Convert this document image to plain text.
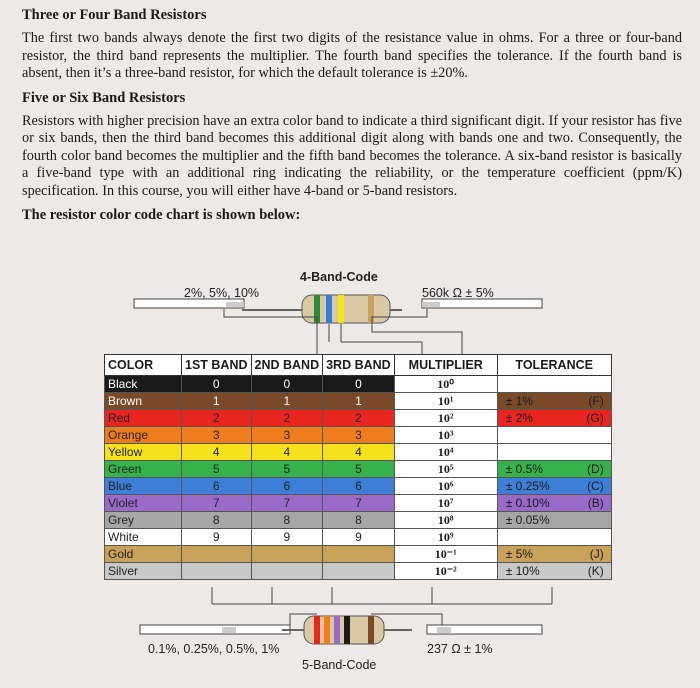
Three or Four Band Resistors

The first two bands always denote the first two digits of the resistance value in ohms. For a three or four-band resistor, the third band represents the multiplier. The fourth band specifies the tolerance. If the fourth band is absent, then it’s a three-band resistor, for which the default tolerance is ±20%.

Five or Six Band Resistors

Resistors with higher precision have an extra color band to indicate a third significant digit. If your resistor has five or six bands, then the third band becomes this additional digit along with bands one and two. Consequently, the fourth color band becomes the multiplier and the fifth band becomes the tolerance. A six-band resistor is basically a five-band type with an additional ring indicating the reliability, or the temperature coefficient (ppm/K) specification. In this course, you will either have 4-band or 5-band resistors.

The resistor color code chart is shown below:
4-Band-Code
2%, 5%, 10%	560k Ω ± 5%
COLOR	1ST BAND	2ND BAND	3RD BAND	MULTIPLIER	TOLERANCE
Black	0	0	0	10⁰	

Brown	1	1	1	10¹	± 1% (F)

Red	2	2	2	10²	± 2% (G)

Orange	3	3	3	10³	

Yellow	4	4	4	10⁴	

Green	5	5	5	10⁵	± 0.5% (D)

Blue	6	6	6	10⁶	± 0.25% (C)

Violet	7	7	7	10⁷	± 0.10% (B)

Grey	8	8	8	10⁸	± 0.05%

White	9	9	9	10⁹	

Gold				10⁻¹	± 5% (J)

Silver				10⁻²	± 10% (K)
0.1%, 0.25%, 0.5%, 1%	237 Ω ± 1%
5-Band-Code
